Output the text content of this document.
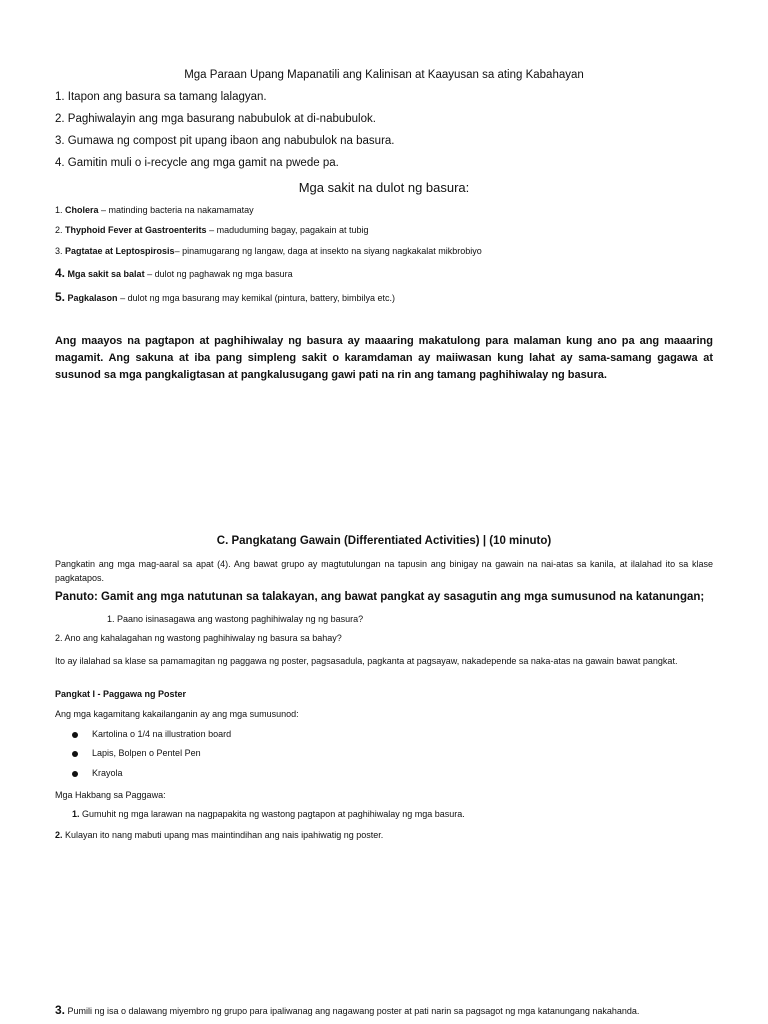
Mga Paraan Upang Mapanatili ang Kalinisan at Kaayusan sa ating Kabahayan
1. Itapon ang basura sa tamang lalagyan.
2. Paghiwalayin ang mga basurang nabubulok at di-nabubulok.
3. Gumawa ng compost pit upang ibaon ang nabubulok na basura.
4. Gamitin muli o i-recycle ang mga gamit na pwede pa.
Mga sakit na dulot ng basura:
1. Cholera – matinding bacteria na nakamamatay
2. Thyphoid Fever at Gastroenterits – maduduming bagay, pagakain at tubig
3. Pagtatae at Leptospirosis– pinamugarang ng langaw, daga at insekto na siyang nagkakalat mikbrobiyo
4. Mga sakit sa balat – dulot ng paghawak ng mga basura
5. Pagkalason – dulot ng mga basurang may kemikal (pintura, battery, bimbilya etc.)
Ang maayos na pagtapon at paghihiwalay ng basura ay maaaring makatulong para malaman kung ano pa ang maaaring magamit. Ang sakuna at iba pang simpleng sakit o karamdaman ay maiiwasan kung lahat ay sama-samang gagawa at susunod sa mga pangkaligtasan at pangkalusugang gawi pati na rin ang tamang paghihiwalay ng basura.
C. Pangkatang Gawain (Differentiated Activities) | (10 minuto)
Pangkatin ang mga mag-aaral sa apat (4). Ang bawat grupo ay magtutulungan na tapusin ang binigay na gawain na nai-atas sa kanila, at ilalahad ito sa klase pagkatapos.
Panuto: Gamit ang mga natutunan sa talakayan, ang bawat pangkat ay sasagutin ang mga sumusunod na katanungan;
1. Paano isinasagawa ang wastong paghihiwalay ng ng basura?
2. Ano ang kahalagahan ng wastong paghihiwalay ng basura sa bahay?
Ito ay ilalahad sa klase sa pamamagitan ng paggawa ng poster, pagsasadula, pagkanta at pagsayaw, nakadepende sa naka-atas na gawain bawat pangkat.
Pangkat I - Paggawa ng Poster
Ang mga kagamitang kakailanganin ay ang mga sumusunod:
Kartolina o 1/4 na illustration board
Lapis, Bolpen o Pentel Pen
Krayola
Mga Hakbang sa Paggawa:
1. Gumuhit ng mga larawan na nagpapakita ng wastong pagtapon at paghihiwalay ng mga basura.
2. Kulayan ito nang mabuti upang mas maintindihan ang nais ipahiwatig ng poster.
3. Pumili ng isa o dalawang miyembro ng grupo para ipaliwanag ang nagawang poster at pati narin sa pagsagot ng mga katanungang nakahanda.
